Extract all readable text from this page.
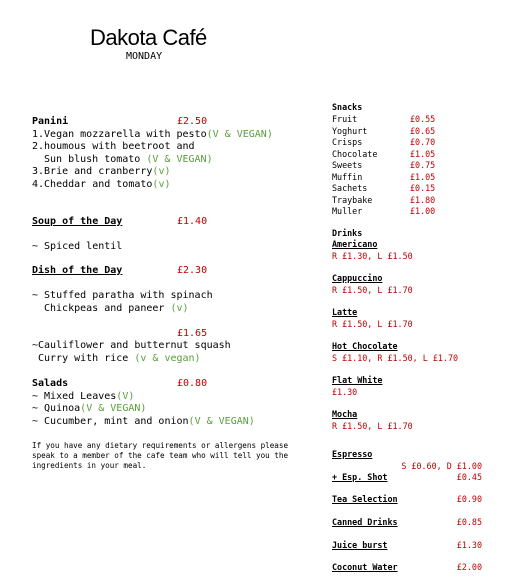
Dakota Café
MONDAY
Panini	£2.50
1.Vegan mozzarella with pesto(V & VEGAN)
2.houmous with beetroot and
Sun blush tomato (V & VEGAN)
3.Brie and cranberry(v)
4.Cheddar and tomato(v)
Soup of the Day	£1.40
~ Spiced lentil
Dish of the Day	£2.30
~ Stuffed paratha with spinach
Chickpeas and paneer (v)
£1.65
~Cauliflower and butternut squash
Curry with rice (v & vegan)
Salads	£0.80
~ Mixed Leaves(V)
~ Quinoa(V & VEGAN)
~ Cucumber, mint and onion(V & VEGAN)
If you have any dietary requirements or allergens please speak to a member of the cafe team who will tell you the ingredients in your meal.
Snacks
Fruit	£0.55
Yoghurt	£0.65
Crisps	£0.70
Chocolate	£1.05
Sweets	£0.75
Muffin	£1.05
Sachets	£0.15
Traybake	£1.80
Muller	£1.00
Drinks
Americano
R £1.30, L £1.50
Cappuccino
R £1.50, L £1.70
Latte
R £1.50, L £1.70
Hot Chocolate
S £1.10, R £1.50, L £1.70
Flat White
£1.30
Mocha
R £1.50, L £1.70
Espresso
S £0.60, D £1.00
+ Esp. Shot	£0.45
Tea Selection	£0.90
Canned Drinks	£0.85
Juice burst	£1.30
Coconut Water	£2.00
